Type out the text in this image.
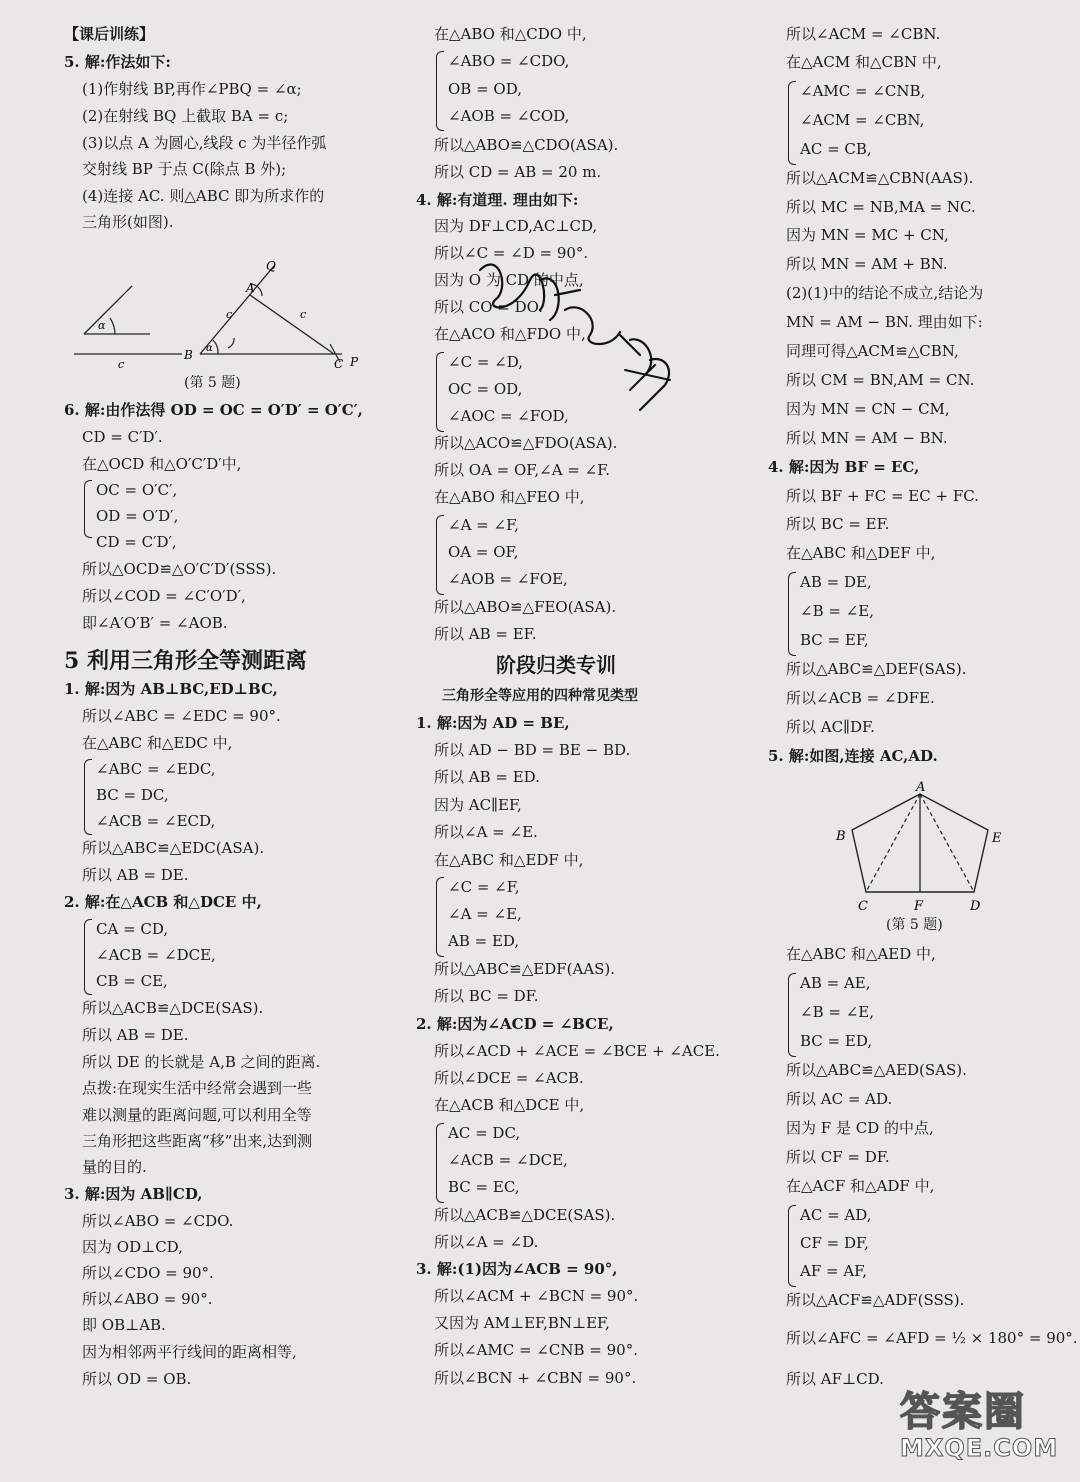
【课后训练】
5. 解:作法如下:
(1)作射线 BP,再作∠PBQ = ∠α;
(2)在射线 BQ 上截取 BA = c;
(3)以点 A 为圆心,线段 c 为半径作弧
交射线 BP 于点 C(除点 B 外);
(4)连接 AC. 则△ABC 即为所求作的
三角形(如图).
(第 5 题)
6. 解:由作法得 OD = OC = O′D′ = O′C′,
CD = C′D′.
在△OCD 和△O′C′D′中,
OC = O′C′,
OD = O′D′,
CD = C′D′,
所以△OCD≌△O′C′D′(SSS).
所以∠COD = ∠C′O′D′,
即∠A′O′B′ = ∠AOB.
5 利用三角形全等测距离
1. 解:因为 AB⊥BC,ED⊥BC,
所以∠ABC = ∠EDC = 90°.
在△ABC 和△EDC 中,
∠ABC = ∠EDC,
BC = DC,
∠ACB = ∠ECD,
所以△ABC≌△EDC(ASA).
所以 AB = DE.
2. 解:在△ACB 和△DCE 中,
CA = CD,
∠ACB = ∠DCE,
CB = CE,
所以△ACB≌△DCE(SAS).
所以 AB = DE.
所以 DE 的长就是 A,B 之间的距离.
点拨:在现实生活中经常会遇到一些
难以测量的距离问题,可以利用全等
三角形把这些距离“移”出来,达到测
量的目的.
3. 解:因为 AB∥CD,
所以∠ABO = ∠CDO.
因为 OD⊥CD,
所以∠CDO = 90°.
所以∠ABO = 90°.
即 OB⊥AB.
因为相邻两平行线间的距离相等,
所以 OD = OB.
在△ABO 和△CDO 中,
∠ABO = ∠CDO,
OB = OD,
∠AOB = ∠COD,
所以△ABO≌△CDO(ASA).
所以 CD = AB = 20 m.
4. 解:有道理. 理由如下:
因为 DF⊥CD,AC⊥CD,
所以∠C = ∠D = 90°.
因为 O 为 CD 的中点,
所以 CO = DO.
在△ACO 和△FDO 中,
∠C = ∠D,
OC = OD,
∠AOC = ∠FOD,
所以△ACO≌△FDO(ASA).
所以 OA = OF,∠A = ∠F.
在△ABO 和△FEO 中,
∠A = ∠F,
OA = OF,
∠AOB = ∠FOE,
所以△ABO≌△FEO(ASA).
所以 AB = EF.
阶段归类专训
三角形全等应用的四种常见类型
1. 解:因为 AD = BE,
所以 AD − BD = BE − BD.
所以 AB = ED.
因为 AC∥EF,
所以∠A = ∠E.
在△ABC 和△EDF 中,
∠C = ∠F,
∠A = ∠E,
AB = ED,
所以△ABC≌△EDF(AAS).
所以 BC = DF.
2. 解:因为∠ACD = ∠BCE,
所以∠ACD + ∠ACE = ∠BCE + ∠ACE.
所以∠DCE = ∠ACB.
在△ACB 和△DCE 中,
AC = DC,
∠ACB = ∠DCE,
BC = EC,
所以△ACB≌△DCE(SAS).
所以∠A = ∠D.
3. 解:(1)因为∠ACB = 90°,
所以∠ACM + ∠BCN = 90°.
又因为 AM⊥EF,BN⊥EF,
所以∠AMC = ∠CNB = 90°.
所以∠BCN + ∠CBN = 90°.
所以∠ACM = ∠CBN.
在△ACM 和△CBN 中,
∠AMC = ∠CNB,
∠ACM = ∠CBN,
AC = CB,
所以△ACM≌△CBN(AAS).
所以 MC = NB,MA = NC.
因为 MN = MC + CN,
所以 MN = AM + BN.
(2)(1)中的结论不成立,结论为
MN = AM − BN. 理由如下:
同理可得△ACM≌△CBN,
所以 CM = BN,AM = CN.
因为 MN = CN − CM,
所以 MN = AM − BN.
4. 解:因为 BF = EC,
所以 BF + FC = EC + FC.
所以 BC = EF.
在△ABC 和△DEF 中,
AB = DE,
∠B = ∠E,
BC = EF,
所以△ABC≌△DEF(SAS).
所以∠ACB = ∠DFE.
所以 AC∥DF.
5. 解:如图,连接 AC,AD.
(第 5 题)
在△ABC 和△AED 中,
AB = AE,
∠B = ∠E,
BC = ED,
所以△ABC≌△AED(SAS).
所以 AC = AD.
因为 F 是 CD 的中点,
所以 CF = DF.
在△ACF 和△ADF 中,
AC = AD,
CF = DF,
AF = AF,
所以△ACF≌△ADF(SSS).
所以∠AFC = ∠AFD = ½ × 180° = 90°.
所以 AF⊥CD.
α
c
B α
A
Q
c	c
C P
A
B	E
C	F	D
答案圈
MXQE.COM
